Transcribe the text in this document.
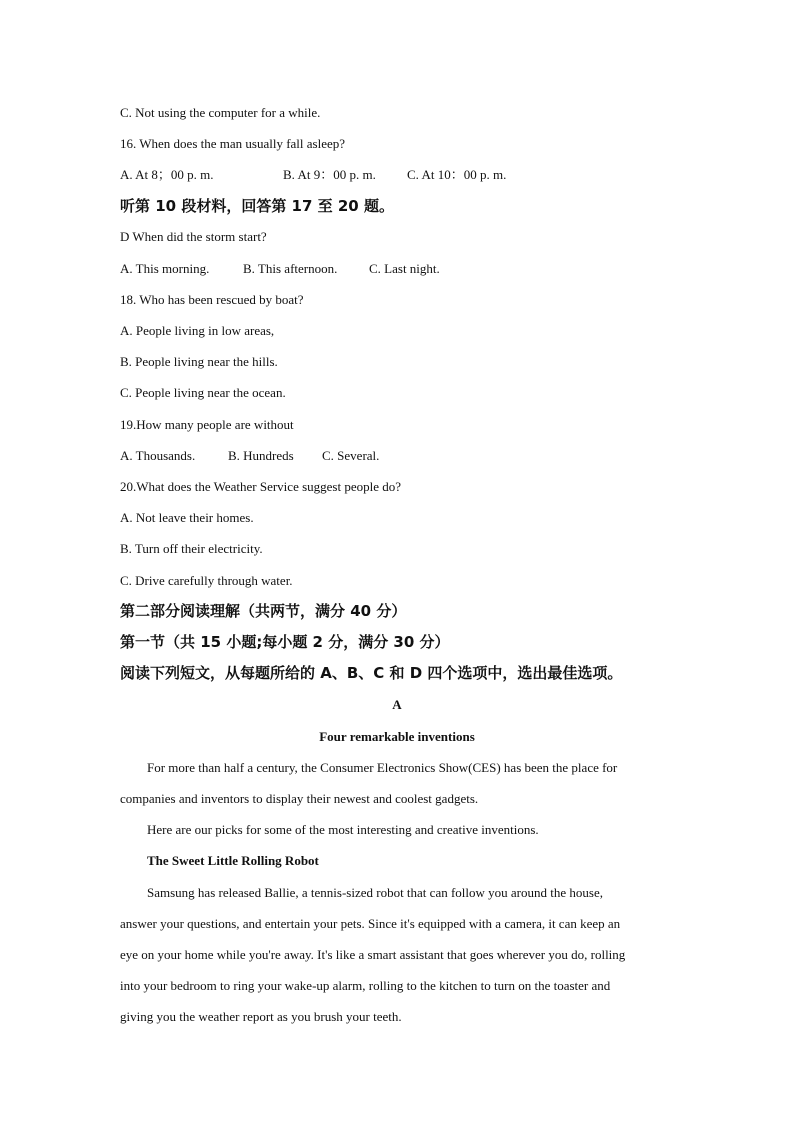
C. Not using the computer for a while.
16. When does the man usually fall asleep?
A. At 8；00 p. m.	B. At 9：00 p. m. C. At 10：00 p. m.
听第 10 段材料，回答第 17 至 20 题。
D When did the storm start?
A. This morning.	B. This afternoon. C. Last night.
18. Who has been rescued by boat?
A. People living in low areas,
B. People living near the hills.
C. People living near the ocean.
19.How many people are without
A. Thousands.	B. Hundreds C. Several.
20.What does the Weather Service suggest people do?
A. Not leave their homes.
B. Turn off their electricity.
C. Drive carefully through water.
第二部分阅读理解（共两节，满分 40 分）
第一节（共 15 小题;每小题 2 分，满分 30 分）
阅读下列短文，从每题所给的 A、B、C 和 D 四个选项中，选出最佳选项。
A
Four remarkable inventions
For more than half a century, the Consumer Electronics Show(CES) has been the place for
companies and inventors to display their newest and coolest gadgets.
Here are our picks for some of the most interesting and creative inventions.
The Sweet Little Rolling Robot
Samsung has released Ballie, a tennis-sized robot that can follow you around the house,
answer your questions, and entertain your pets. Since it's equipped with a camera, it can keep an
eye on your home while you're away. It's like a smart assistant that goes wherever you do, rolling
into your bedroom to ring your wake-up alarm, rolling to the kitchen to turn on the toaster and
giving you the weather report as you brush your teeth.
